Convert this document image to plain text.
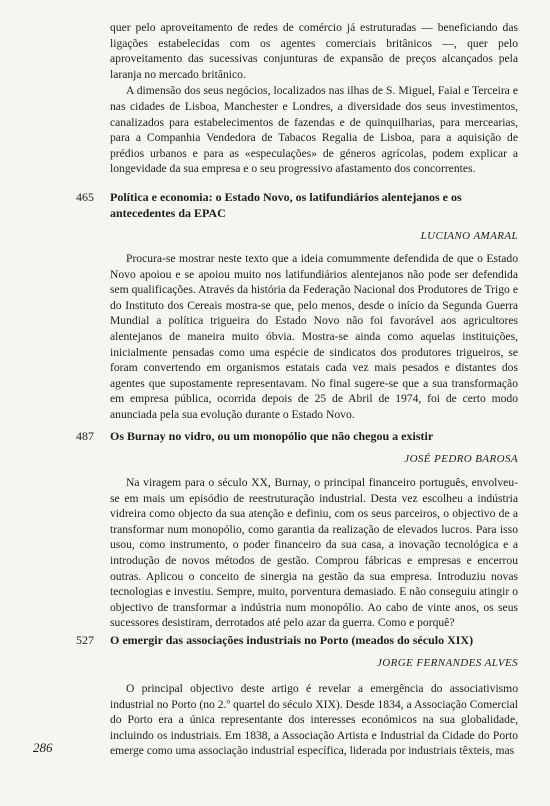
quer pelo aproveitamento de redes de comércio já estruturadas — beneficiando das ligações estabelecidas com os agentes comerciais britânicos —, quer pelo aproveitamento das sucessivas conjunturas de expansão de preços alcançados pela laranja no mercado britânico.

A dimensão dos seus negócios, localizados nas ilhas de S. Miguel, Faial e Terceira e nas cidades de Lisboa, Manchester e Londres, a diversidade dos seus investimentos, canalizados para estabelecimentos de fazendas e de quinquilharias, para mercearias, para a Companhia Vendedora de Tabacos Regalia de Lisboa, para a aquisição de prédios urbanos e para as «especulações» de géneros agrícolas, podem explicar a longevidade da sua empresa e o seu progressivo afastamento dos concorrentes.

465 Política e economia: o Estado Novo, os latifundiários alentejanos e os antecedentes da EPAC
LUCIANO AMARAL

Procura-se mostrar neste texto que a ideia comummente defendida de que o Estado Novo apoiou e se apoiou muito nos latifundiários alentejanos não pode ser defendida sem qualificações. Através da história da Federação Nacional dos Produtores de Trigo e do Instituto dos Cereais mostra-se que, pelo menos, desde o início da Segunda Guerra Mundial a política trigueira do Estado Novo não foi favorável aos agricultores alentejanos de maneira muito óbvia. Mostra-se ainda como aquelas instituições, inicialmente pensadas como uma espécie de sindicatos dos produtores trigueiros, se foram convertendo em organismos estatais cada vez mais pesados e distantes dos agentes que supostamente representavam. No final sugere-se que a sua transformação em empresa pública, ocorrida depois de 25 de Abril de 1974, foi de certo modo anunciada pela sua evolução durante o Estado Novo.

487 Os Burnay no vidro, ou um monopólio que não chegou a existir
JOSÉ PEDRO BAROSA

Na viragem para o século XX, Burnay, o principal financeiro português, envolveu-se em mais um episódio de reestruturação industrial. Desta vez escolheu a indústria vidreira como objecto da sua atenção e definiu, com os seus parceiros, o objectivo de a transformar num monopólio, como garantia da realização de elevados lucros. Para isso usou, como instrumento, o poder financeiro da sua casa, a inovação tecnológica e a introdução de novos métodos de gestão. Comprou fábricas e empresas e encerrou outras. Aplicou o conceito de sinergia na gestão da sua empresa. Introduziu novas tecnologias e investiu. Sempre, muito, porventura demasiado. E não conseguiu atingir o objectivo de transformar a indústria num monopólio. Ao cabo de vinte anos, os seus sucessores desistiram, derrotados até pelo azar da guerra. Como e porquê?

527 O emergir das associações industriais no Porto (meados do século XIX)
JORGE FERNANDES ALVES

O principal objectivo deste artigo é revelar a emergência do associativismo industrial no Porto (no 2.º quartel do século XIX). Desde 1834, a Associação Comercial do Porto era a única representante dos interesses económicos na sua globalidade, incluindo os industriais. Em 1838, a Associação Artista e Industrial da Cidade do Porto emerge como uma associação industrial específica, liderada por industriais têxteis, mas

286
